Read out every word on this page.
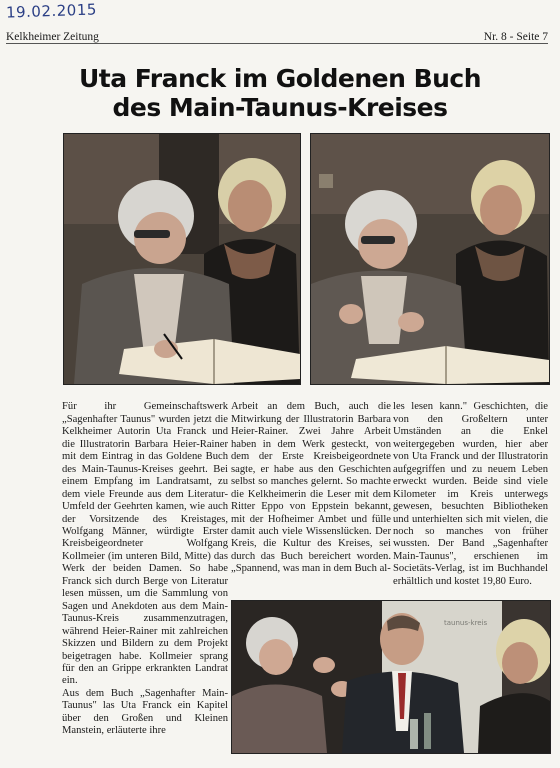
19.02.2015
Kelkheimer Zeitung	Nr. 8 - Seite 7
Uta Franck im Goldenen Buch
des Main-Taunus-Kreises

Für ihr Gemeinschaftswerk „Sagenhafter Taunus" wurden jetzt die Kelkheimer Autorin Uta Franck und die Illustratorin Barbara Heier-Rainer mit dem Eintrag in das Goldene Buch des Main-Taunus-Kreises geehrt. Bei einem Empfang im Landratsamt, zu dem viele Freunde aus dem Literatur-Umfeld der Geehrten kamen, wie auch der Vorsitzende des Kreistages, Wolfgang Männer, würdigte Erster Kreisbeigeordneter Wolfgang Kollmeier (im unteren Bild, Mitte) das Werk der beiden Damen. So habe Franck sich durch Berge von Literatur lesen müssen, um die Sammlung von Sagen und Anekdoten aus dem Main-Taunus-Kreis zusammenzutragen, während Heier-Rainer mit zahlreichen Skizzen und Bildern zu dem Projekt beigetragen habe. Kollmeier sprang für den an Grippe erkrankten Landrat ein.
Aus dem Buch „Sagenhafter Main-Taunus" las Uta Franck ein Kapitel über den Großen und Kleinen Manstein, erläuterte ihre

Arbeit an dem Buch, auch die Mitwirkung der Illustratorin Barbara Heier-Rainer. Zwei Jahre Arbeit haben in dem Werk gesteckt, von dem der Erste Kreisbeigeordnete sagte, er habe aus den Geschichten selbst so manches gelernt. So machte die Kelkheimerin die Leser mit dem Ritter Eppo von Eppstein bekannt, mit der Hofheimer Ambet und fülle damit auch viele Wissenslücken. Der Kreis, die Kultur des Kreises, sei durch das Buch bereichert worden. „Spannend, was man in dem Buch al-

les lesen kann." Geschichten, die von den Großeltern unter Umständen an die Enkel weitergegeben wurden, hier aber von Uta Franck und der Illustratorin aufgegriffen und zu neuem Leben erweckt wurden. Beide sind viele Kilometer im Kreis unterwegs gewesen, besuchten Bibliotheken und unterhielten sich mit vielen, die noch so manches von früher wussten. Der Band „Sagenhafter Main-Taunus", erschienen im Societäts-Verlag, ist im Buchhandel erhältlich und kostet 19,80 Euro.

taunus-kreis
